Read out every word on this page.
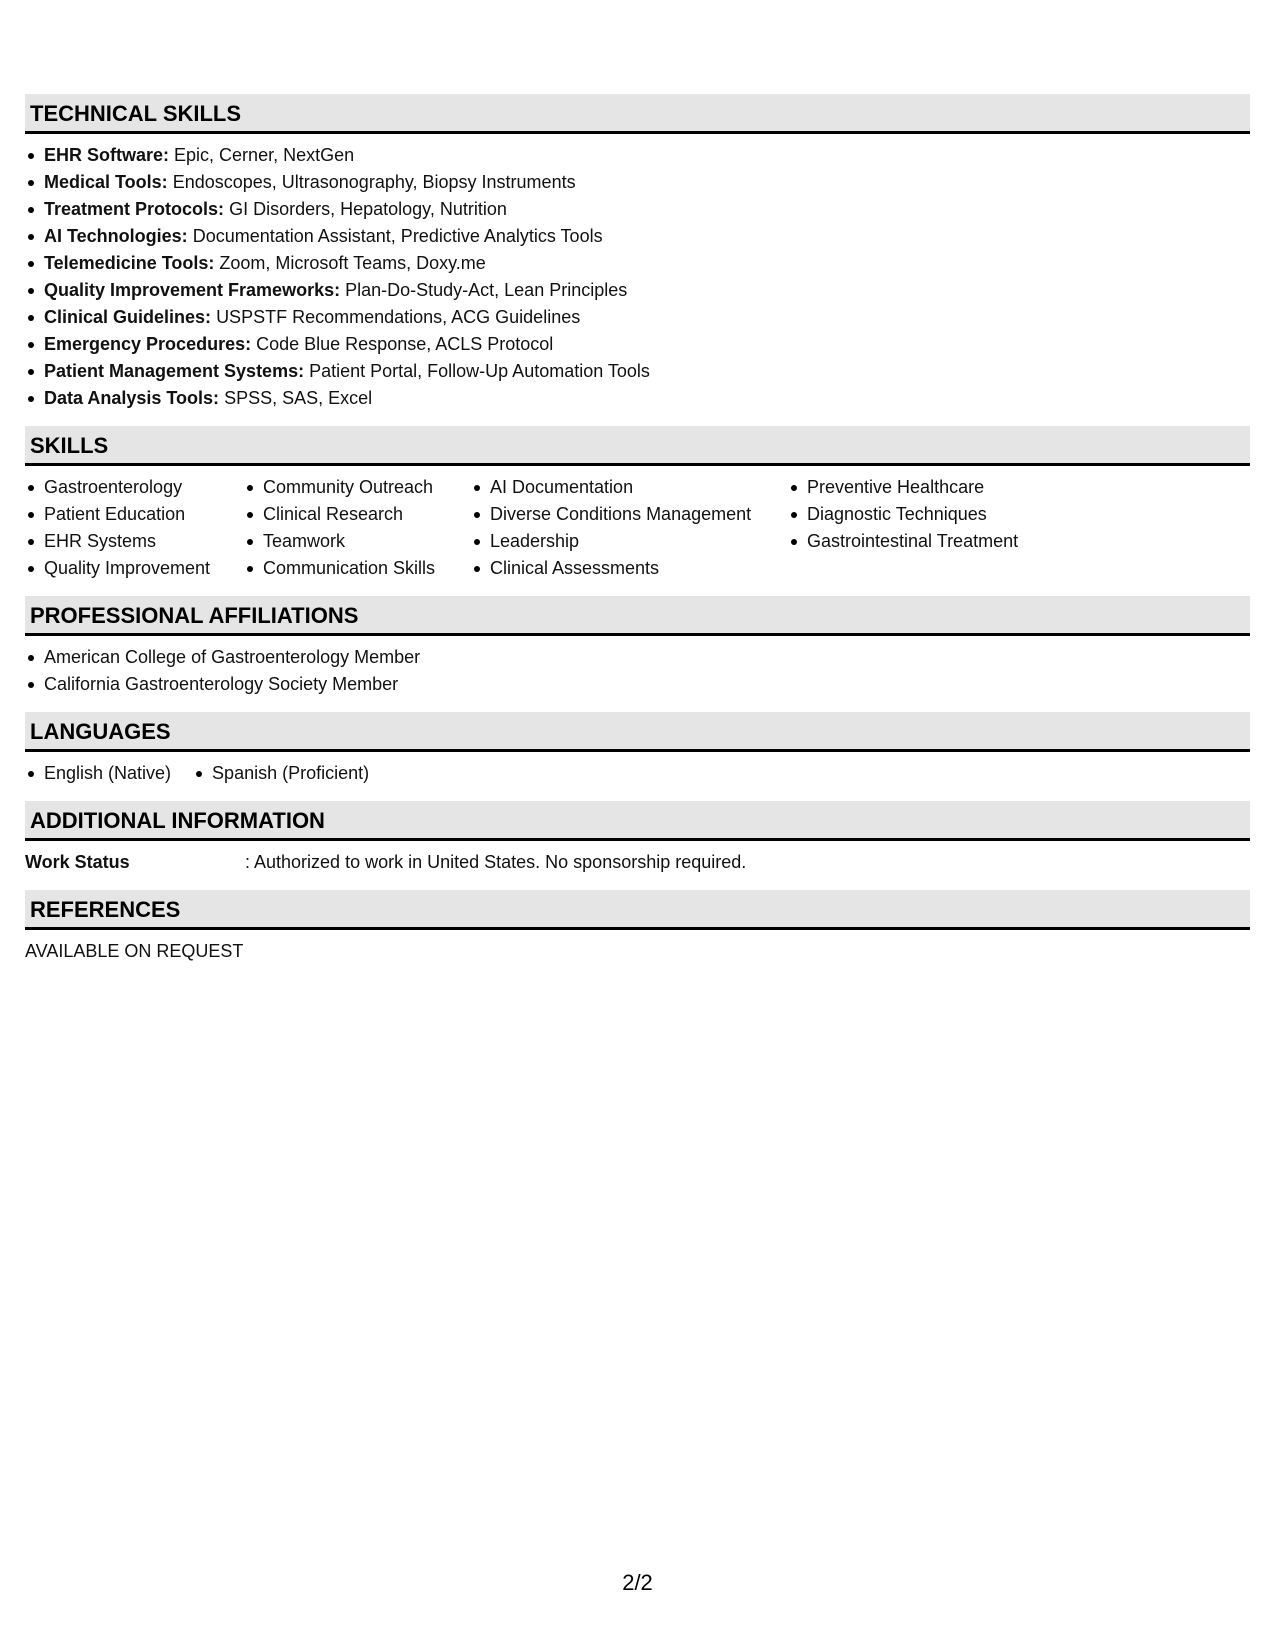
TECHNICAL SKILLS
EHR Software: Epic, Cerner, NextGen
Medical Tools: Endoscopes, Ultrasonography, Biopsy Instruments
Treatment Protocols: GI Disorders, Hepatology, Nutrition
AI Technologies: Documentation Assistant, Predictive Analytics Tools
Telemedicine Tools: Zoom, Microsoft Teams, Doxy.me
Quality Improvement Frameworks: Plan-Do-Study-Act, Lean Principles
Clinical Guidelines: USPSTF Recommendations, ACG Guidelines
Emergency Procedures: Code Blue Response, ACLS Protocol
Patient Management Systems: Patient Portal, Follow-Up Automation Tools
Data Analysis Tools: SPSS, SAS, Excel
SKILLS
Gastroenterology
Patient Education
EHR Systems
Quality Improvement
Community Outreach
Clinical Research
Teamwork
Communication Skills
AI Documentation
Diverse Conditions Management
Leadership
Clinical Assessments
Preventive Healthcare
Diagnostic Techniques
Gastrointestinal Treatment
PROFESSIONAL AFFILIATIONS
American College of Gastroenterology Member
California Gastroenterology Society Member
LANGUAGES
English (Native)	Spanish (Proficient)
ADDITIONAL INFORMATION
Work Status
:	Authorized to work in United States. No sponsorship required.
REFERENCES
AVAILABLE ON REQUEST
2/2
